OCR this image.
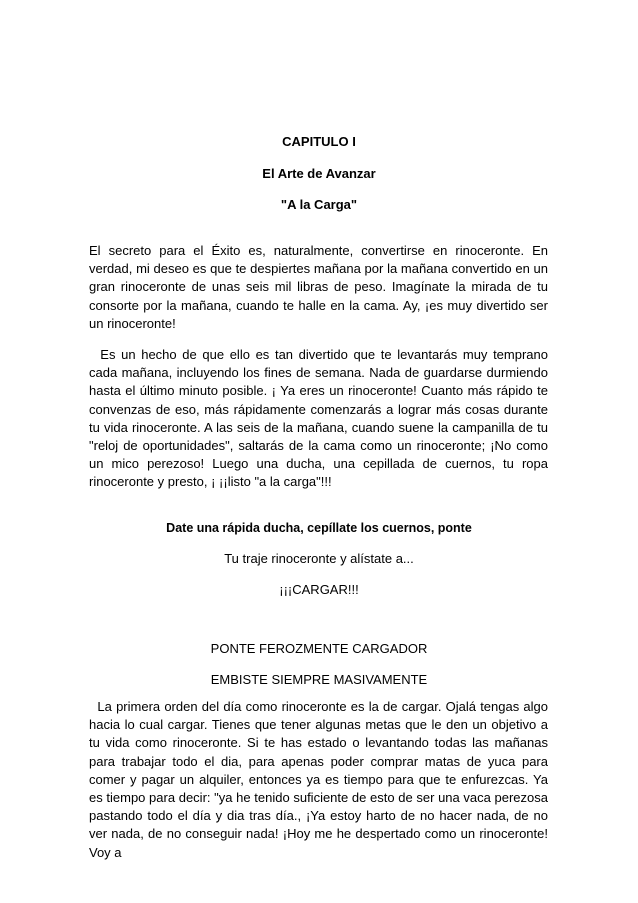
CAPITULO I
El Arte de Avanzar
"A la Carga"

El secreto para el Éxito es, naturalmente, convertirse en rinoceronte. En verdad, mi deseo es que te despiertes mañana por la mañana convertido en un gran rinoceronte de unas seis mil libras de peso. Imagínate la mirada de tu consorte por la mañana, cuando te halle en la cama. Ay, ¡es muy divertido ser un rinoceronte!

Es un hecho de que ello es tan divertido que te levantarás muy temprano cada mañana, incluyendo los fines de semana. Nada de guardarse durmiendo hasta el último minuto posible. ¡ Ya eres un rinoceronte! Cuanto más rápido te convenzas de eso, más rápidamente comenzarás a lograr más cosas durante tu vida rinoceronte. A las seis de la mañana, cuando suene la campanilla de tu "reloj de oportunidades", saltarás de la cama como un rinoceronte; ¡No como un mico perezoso! Luego una ducha, una cepillada de cuernos, tu ropa rinoceronte y presto, ¡ ¡¡listo "a la carga"!!!

Date una rápida ducha, cepíllate los cuernos, ponte
Tu traje rinoceronte y alístate a...
¡¡¡CARGAR!!!
PONTE FEROZMENTE CARGADOR
EMBISTE SIEMPRE MASIVAMENTE

La primera orden del día como rinoceronte es la de cargar. Ojalá tengas algo hacia lo cual cargar. Tienes que tener algunas metas que le den un objetivo a tu vida como rinoceronte. Si te has estado o levantando todas las mañanas para trabajar todo el dia, para apenas poder comprar matas de yuca para comer y pagar un alquiler, entonces ya es tiempo para que te enfurezcas. Ya es tiempo para decir: "ya he tenido suficiente de esto de ser una vaca perezosa pastando todo el día y dia tras día., ¡Ya estoy harto de no hacer nada, de no ver nada, de no conseguir nada! ¡Hoy me he despertado como un rinoceronte! Voy a
